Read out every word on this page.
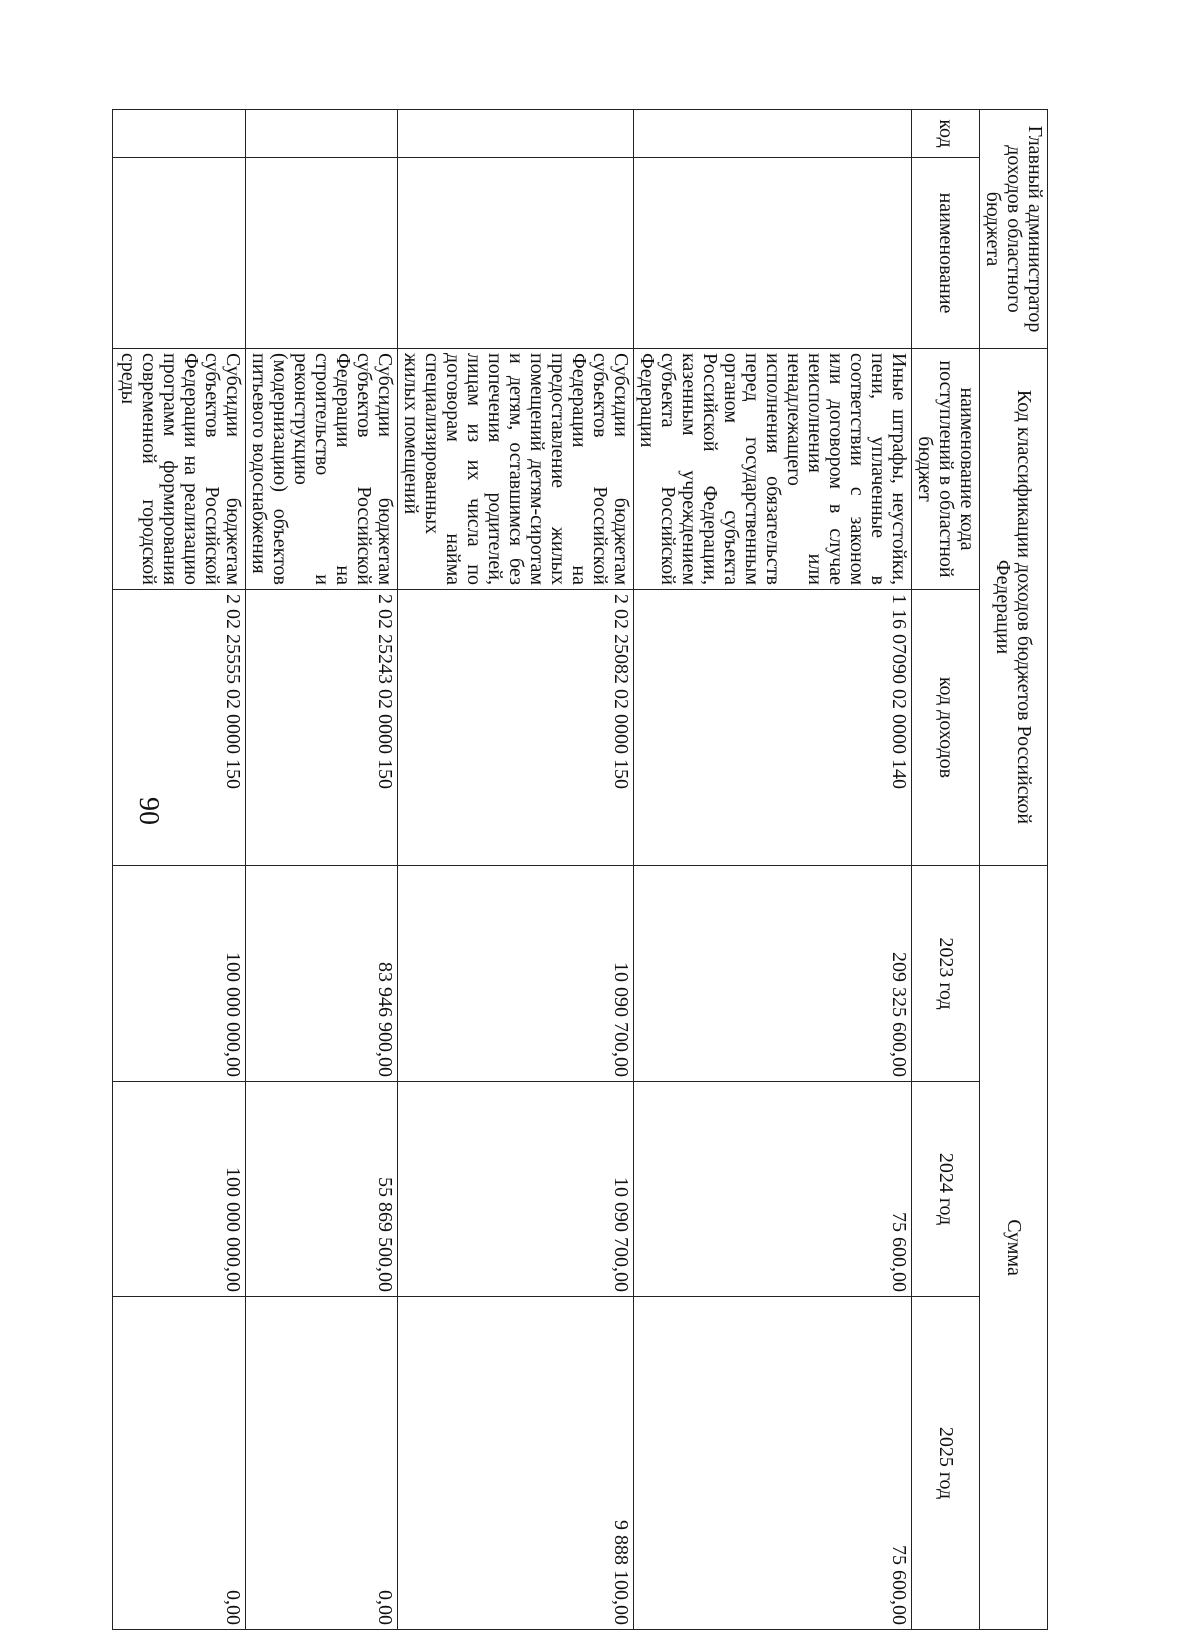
90
Главный администратор доходов областного бюджета		Код классификации доходов бюджетов Российской Федерации		Сумма		
код	наименование	наименование кода поступлений в областной бюджет	код доходов	2023 год	2024 год	2025 год
		Иные штрафы, неустойки, пени, уплаченные в соответствии с законом или договором в случае неисполнения или ненадлежащего исполнения обязательств перед государственным органом субъекта Российской Федерации, казенным учреждением субъекта Российской Федерации	1 16 07090 02 0000 140	209 325 600,00	75 600,00	75 600,00
		Субсидии бюджетам субъектов Российской Федерации на предоставление жилых помещений детям-сиротам и детям, оставшимся без попечения родителей, лицам из их числа по договорам найма специализированных жилых помещений	2 02 25082 02 0000 150	10 090 700,00	10 090 700,00	9 888 100,00
		Субсидии бюджетам субъектов Российской Федерации на строительство и реконструкцию (модернизацию) объектов питьевого водоснабжения	2 02 25243 02 0000 150	83 946 900,00	55 869 500,00	0,00
		Субсидии бюджетам субъектов Российской Федерации на реализацию программ формирования современной городской среды	2 02 25555 02 0000 150	100 000 000,00	100 000 000,00	0,00
